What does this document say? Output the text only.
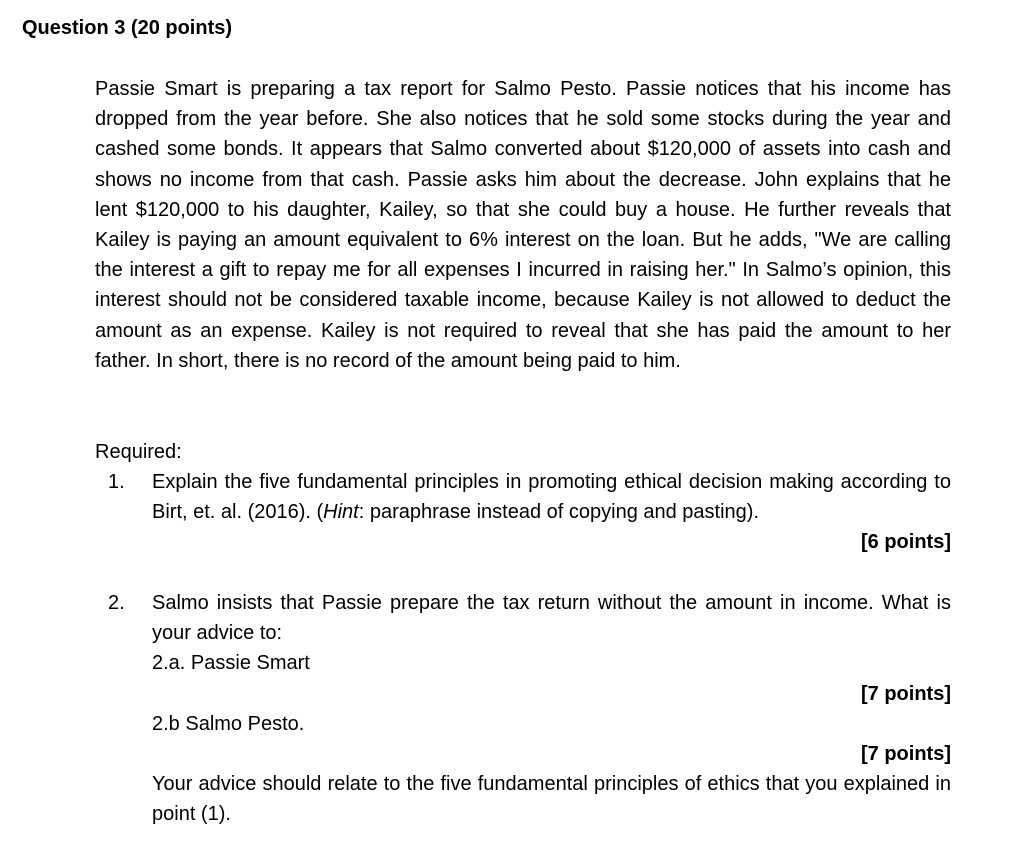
Question 3 (20 points)

Passie Smart is preparing a tax report for Salmo Pesto. Passie notices that his income has dropped from the year before. She also notices that he sold some stocks during the year and cashed some bonds. It appears that Salmo converted about $120,000 of assets into cash and shows no income from that cash. Passie asks him about the decrease. John explains that he lent $120,000 to his daughter, Kailey, so that she could buy a house. He further reveals that Kailey is paying an amount equivalent to 6% interest on the loan. But he adds, "We are calling the interest a gift to repay me for all expenses I incurred in raising her." In Salmo’s opinion, this interest should not be considered taxable income, because Kailey is not allowed to deduct the amount as an expense. Kailey is not required to reveal that she has paid the amount to her father. In short, there is no record of the amount being paid to him.

Required:
1. Explain the five fundamental principles in promoting ethical decision making according to Birt, et. al. (2016). (Hint: paraphrase instead of copying and pasting).
[6 points]
2. Salmo insists that Passie prepare the tax return without the amount in income. What is your advice to:

2.a. Passie Smart

[7 points]

2.b Salmo Pesto.

[7 points]
Your advice should relate to the five fundamental principles of ethics that you explained in point (1).
